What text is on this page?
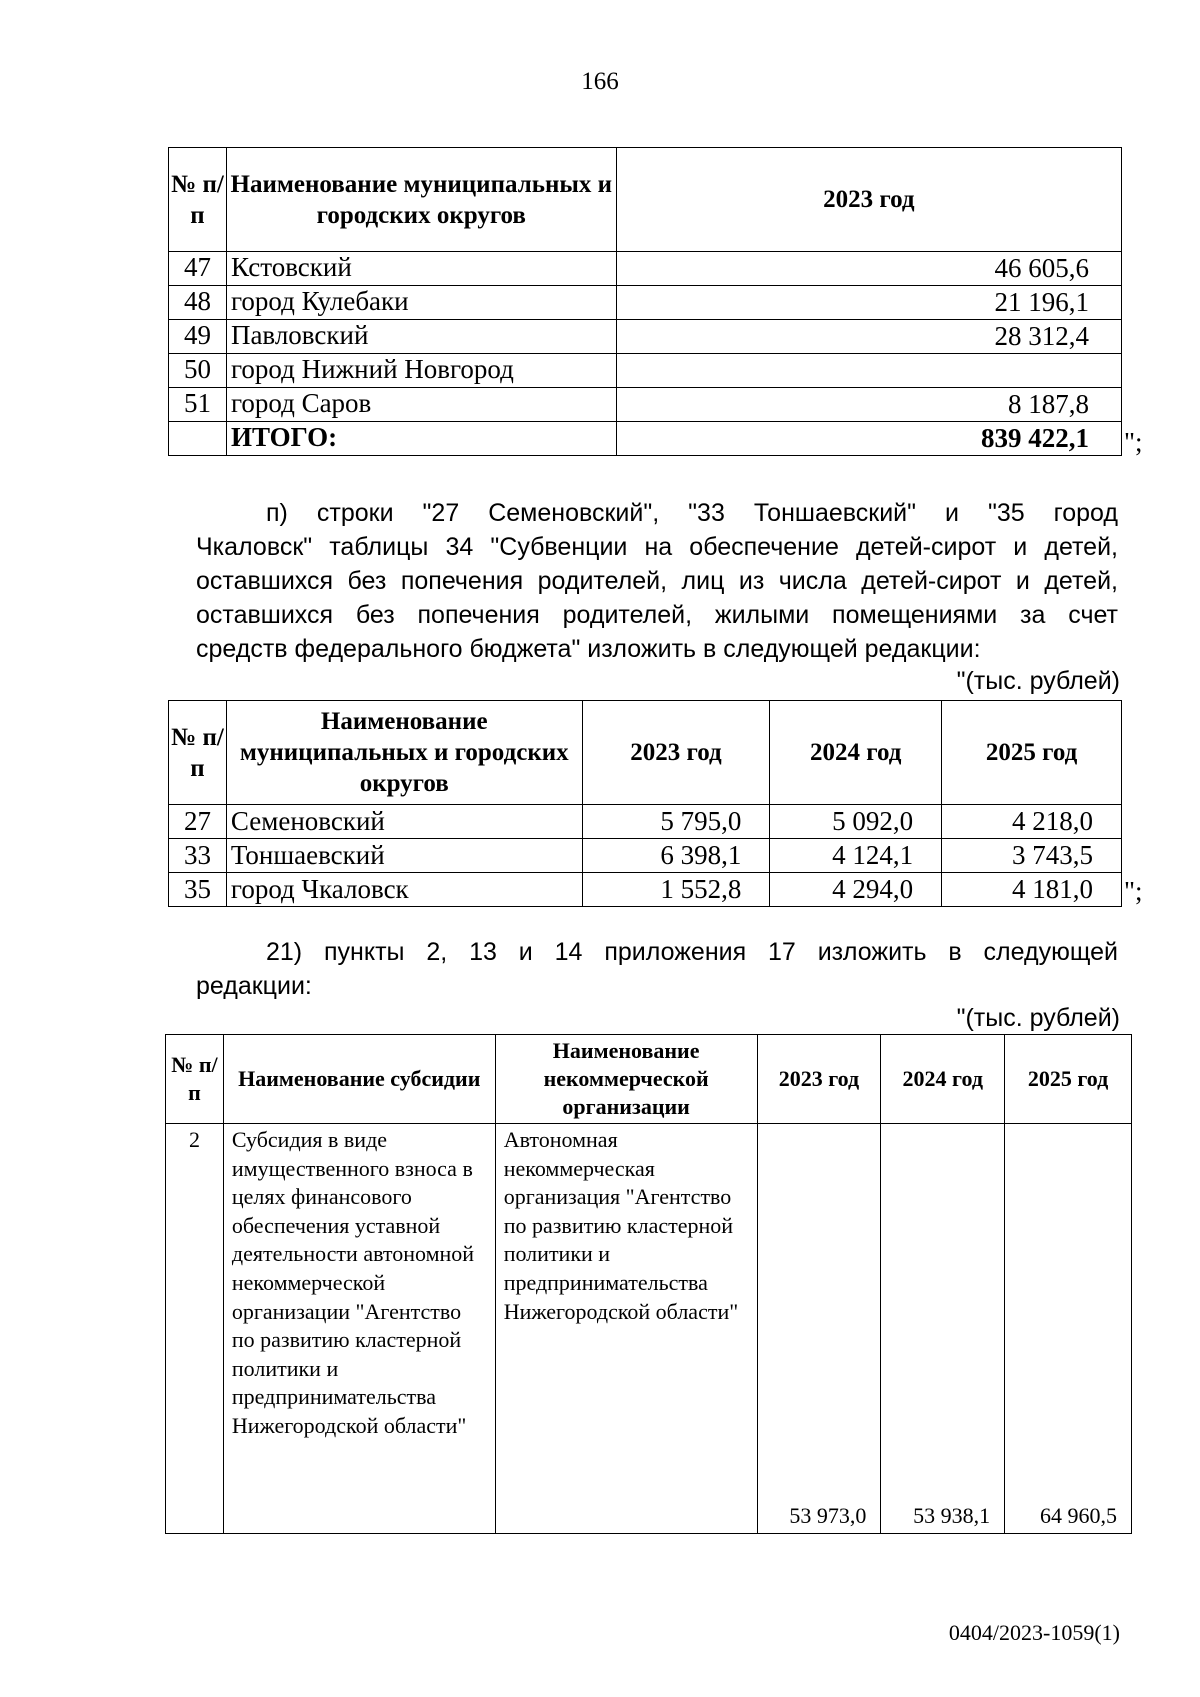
166
№ п/п	Наименование муниципальных и городских округов	2023 год
47	Кстовский	46 605,6
48	город Кулебаки	21 196,1
49	Павловский	28 312,4
50	город Нижний Новгород	
51	город Саров	8 187,8
	ИТОГО:	839 422,1 ";
п) строки "27 Семеновский", "33 Тоншаевский" и "35 город
Чкаловск" таблицы 34 "Субвенции на обеспечение детей-сирот и детей,
оставшихся без попечения родителей, лиц из числа детей-сирот и детей,
оставшихся без попечения родителей, жилыми помещениями за счет
средств федерального бюджета" изложить в следующей редакции:
"(тыс. рублей)
№ п/п	Наименование муниципальных и городских округов	2023 год	2024 год	2025 год
27	Семеновский	5 795,0	5 092,0	4 218,0
33	Тоншаевский	6 398,1	4 124,1	3 743,5
35	город Чкаловск	1 552,8	4 294,0	4 181,0 ";
21) пункты 2, 13 и 14 приложения 17 изложить в следующей
редакции:
"(тыс. рублей)
№ п/п	Наименование субсидии	Наименование некоммерческой организации	2023 год	2024 год	2025 год
2	Субсидия в виде имущественного взноса в целях финансового обеспечения уставной деятельности автономной некоммерческой организации "Агентство по развитию кластерной политики и предпринимательства Нижегородской области"	Автономная некоммерческая организация "Агентство по развитию кластерной политики и предпринимательства Нижегородской области"	53 973,0	53 938,1	64 960,5
0404/2023-1059(1)
